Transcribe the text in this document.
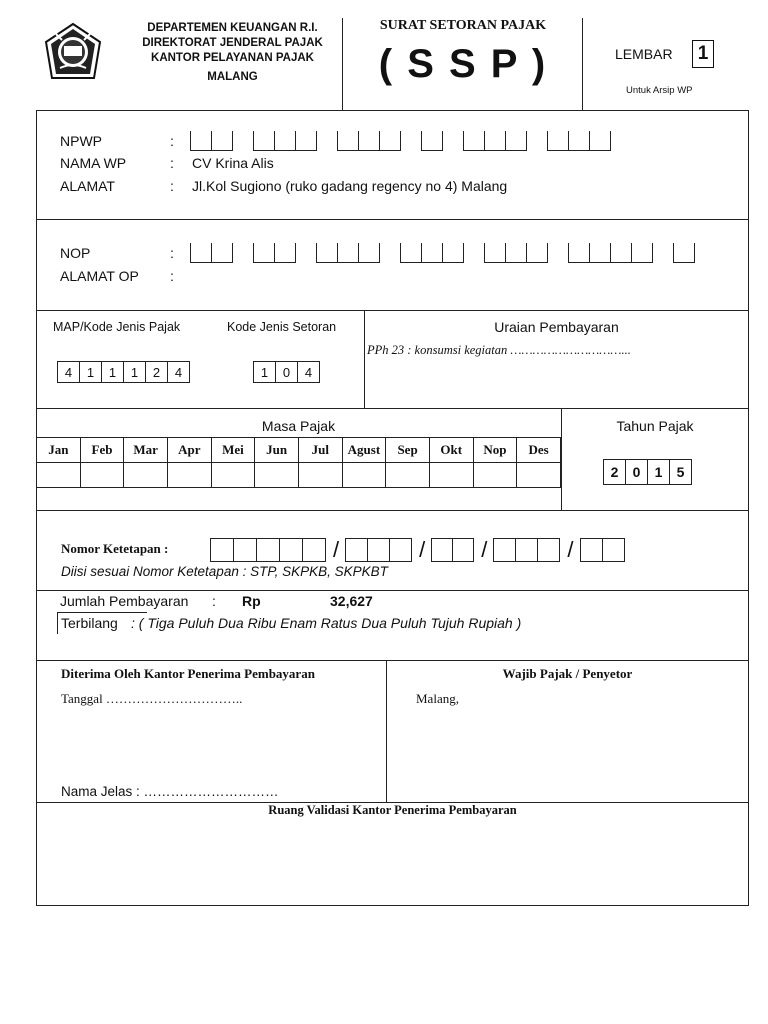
DEPARTEMEN KEUANGAN R.I.
DIREKTORAT JENDERAL PAJAK
KANTOR PELAYANAN PAJAK
MALANG
SURAT SETORAN PAJAK
( S S P )	LEMBAR 1
Untuk Arsip WP
NPWP	:
NAMA WP	: CV Krina Alis
ALAMAT	: Jl.Kol Sugiono (ruko gadang regency no 4) Malang
NOP	:
ALAMAT OP :
MAP/Kode Jenis Pajak	Kode Jenis Setoran
4	1	1	1	2	4	1	0	4
Uraian Pembayaran
PPh 23 : konsumsi kegiatan …………………………...
Masa Pajak
Jan	Feb	Mar	Apr	Mei	Jun	Jul	Agust	Sep	Okt	Nop	Des

Tahun Pajak
2	0	1	5
Nomor Ketetapan :	/	/	/	/
Diisi sesuai Nomor Ketetapan : STP, SKPKB, SKPKBT
Jumlah Pembayaran : Rp	32,627
Terbilang : ( Tiga Puluh Dua Ribu Enam Ratus Dua Puluh Tujuh Rupiah )
Diterima Oleh Kantor Penerima Pembayaran
Tanggal …………………………..
Nama Jelas : …………………………
Wajib Pajak / Penyetor
Malang,
Ruang Validasi Kantor Penerima Pembayaran
